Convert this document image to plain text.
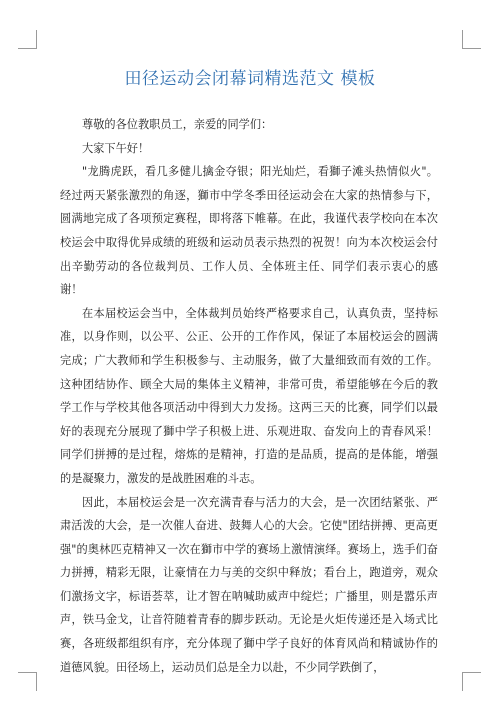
田径运动会闭幕词精选范文 模板

尊敬的各位教职员工，亲爱的同学们：

大家下午好！

"龙腾虎跃，看几多健儿擒金夺银；阳光灿烂，看獅子滩头热情似火"。经过两天紧张激烈的角逐，獅市中学冬季田径运动会在大家的热情参与下，圆满地完成了各项预定赛程，即将落下帷幕。在此，我谨代表学校向在本次校运会中取得优异成绩的班级和运动员表示热烈的祝贺！向为本次校运会付出辛勤劳动的各位裁判员、工作人员、全体班主任、同学们表示衷心的感谢！

在本届校运会当中，全体裁判员始终严格要求自己，认真负责，坚持标准，以身作则，以公平、公正、公开的工作作风，保证了本届校运会的圆满完成；广大教师和学生积极参与、主动服务，做了大量细致而有效的工作。这种团结协作、顾全大局的集体主义精神，非常可贵，希望能够在今后的教学工作与学校其他各项活动中得到大力发扬。这两三天的比赛，同学们以最好的表现充分展现了獅中学子积极上进、乐观进取、奋发向上的青春风采！同学们拼搏的是过程，熔炼的是精神，打造的是品质，提高的是体能，增强的是凝聚力，激发的是战胜困难的斗志。

因此，本届校运会是一次充满青春与活力的大会，是一次团结紧张、严肃活泼的大会，是一次催人奋进、鼓舞人心的大会。它使"团结拼搏、更高更强"的奥林匹克精神又一次在獅市中学的赛场上激情演绎。赛场上，选手们奋力拼搏，精彩无限，让豪情在力与美的交织中释放；看台上，跑道旁，观众们激扬文字，标语荟萃，让才智在呐喊助威声中绽烂；广播里，则是嚣乐声声，铁马金戈，让音符随着青春的脚步跃动。无论是火炬传递还是入场式比赛，各班级都组织有序，充分体现了獅中学子良好的体育风尚和精诚协作的道德风貌。田径场上，运动员们总是全力以赴，不少同学跌倒了，
